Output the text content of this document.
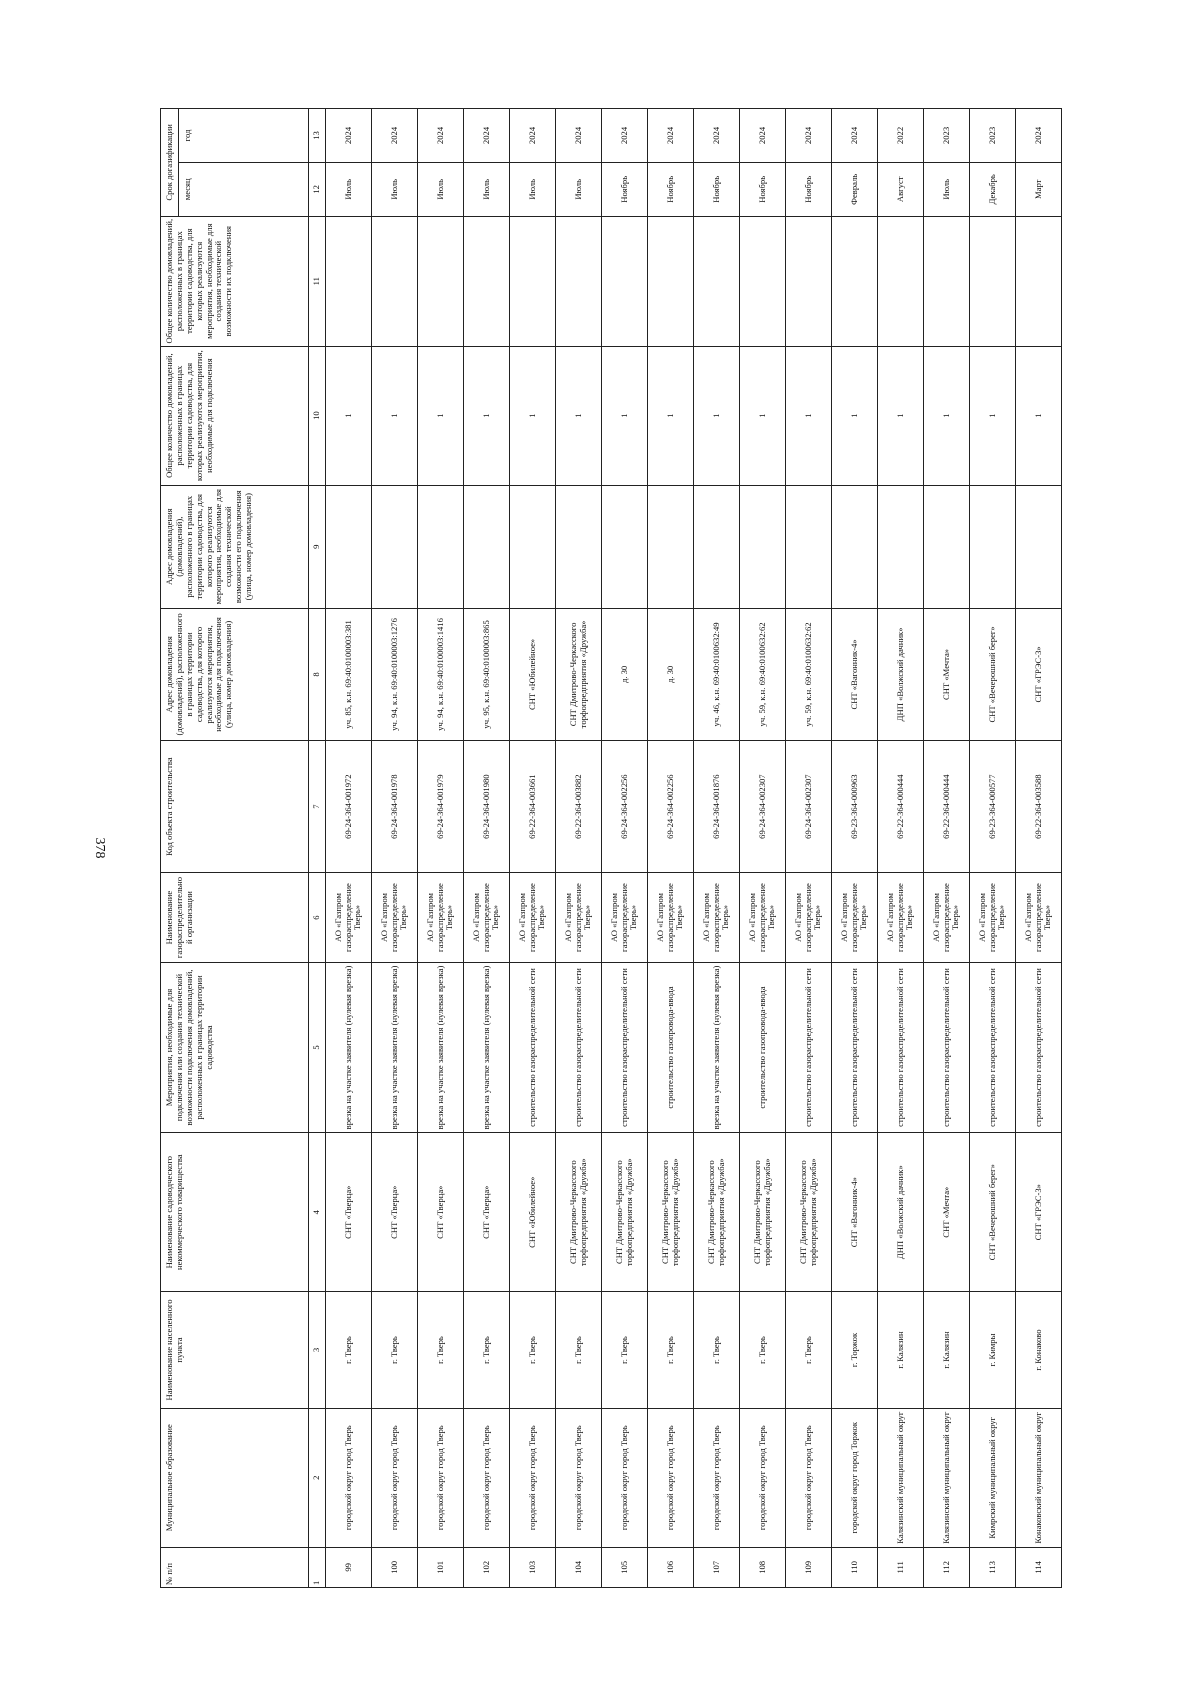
378
№ п/п	Муниципальное образование	Наименование населенного пункта	Наименование садоводческого некоммерческого товарищества	Мероприятия, необходимые для подключения или создания технической возможности подключения домовладений, расположенных в границах территории садоводства	Наименование газораспределительной организации	Код объекта строительства	Адрес домовладения (домовладений), расположенного в границах территории садоводства, для которого реализуются мероприятия, необходимые для подключения (улица, номер домовладения)	Адрес домовладения (домовладений), расположенного в границах территории садоводства, для которого реализуются мероприятия, необходимые для создания технической возможности его подключения (улица, номер домовладения)	Общее количество домовладений, расположенных в границах территории садоводства, для которых реализуются мероприятия, необходимые для подключения	Общее количество домовладений, расположенных в границах территории садоводства, для которых реализуются мероприятия, необходимые для создания технической возможности их подключения	Срок догазификации	
											месяц	год
1	2	3	4	5	6	7	8	9	10	11	12	13
99	городской округ город Тверь	г. Тверь	СНТ «Тверца»	врезка на участке заявителя (нулевая врезка)	АО «Газпром газораспределение Тверь»	69-24-364-001972	уч. 85, к.н. 69:40:0100003:381		1		Июль	2024
100	городской округ город Тверь	г. Тверь	СНТ «Тверца»	врезка на участке заявителя (нулевая врезка)	АО «Газпром газораспределение Тверь»	69-24-364-001978	уч. 94, к.н. 69:40:0100003:1276		1		Июль	2024
101	городской округ город Тверь	г. Тверь	СНТ «Тверца»	врезка на участке заявителя (нулевая врезка)	АО «Газпром газораспределение Тверь»	69-24-364-001979	уч. 94, к.н. 69:40:0100003:1416		1		Июль	2024
102	городской округ город Тверь	г. Тверь	СНТ «Тверца»	врезка на участке заявителя (нулевая врезка)	АО «Газпром газораспределение Тверь»	69-24-364-001980	уч. 95, к.н. 69:40:0100003:865		1		Июль	2024
103	городской округ город Тверь	г. Тверь	СНТ «Юбилейное»	строительство газораспределительной сети	АО «Газпром газораспределение Тверь»	69-22-364-003661	СНТ «Юбилейное»		1		Июль	2024
104	городской округ город Тверь	г. Тверь	СНТ Дмитрово-Черкасского торфопредприятия «Дружба»	строительство газораспределительной сети	АО «Газпром газораспределение Тверь»	69-22-364-003882	СНТ Дмитрово-Черкасского торфопредприятия «Дружба»		1		Июль	2024
105	городской округ город Тверь	г. Тверь	СНТ Дмитрово-Черкасского торфопредприятия «Дружба»	строительство газораспределительной сети	АО «Газпром газораспределение Тверь»	69-24-364-002256	д. 30		1		Ноябрь	2024
106	городской округ город Тверь	г. Тверь	СНТ Дмитрово-Черкасского торфопредприятия «Дружба»	строительство газопровода-ввода	АО «Газпром газораспределение Тверь»	69-24-364-002256	д. 30		1		Ноябрь	2024
107	городской округ город Тверь	г. Тверь	СНТ Дмитрово-Черкасского торфопредприятия «Дружба»	врезка на участке заявителя (нулевая врезка)	АО «Газпром газораспределение Тверь»	69-24-364-001876	уч. 46, к.н. 69:40:0100632:49		1		Ноябрь	2024
108	городской округ город Тверь	г. Тверь	СНТ Дмитрово-Черкасского торфопредприятия «Дружба»	строительство газопровода-ввода	АО «Газпром газораспределение Тверь»	69-24-364-002307	уч. 59, к.н. 69:40:0100632:62		1		Ноябрь	2024
109	городской округ город Тверь	г. Тверь	СНТ Дмитрово-Черкасского торфопредприятия «Дружба»	строительство газораспределительной сети	АО «Газпром газораспределение Тверь»	69-24-364-002307	уч. 59, к.н. 69:40:0100632:62		1		Ноябрь	2024
110	городской округ город Торжок	г. Торжок	СНТ «Вагонник-4»	строительство газораспределительной сети	АО «Газпром газораспределение Тверь»	69-23-364-000963	СНТ «Вагонник-4»		1		Февраль	2024
111	Калязинский муниципальный округ	г. Калязин	ДНП «Волжский дачник»	строительство газораспределительной сети	АО «Газпром газораспределение Тверь»	69-22-364-000444	ДНП «Волжский дачник»		1		Август	2022
112	Калязинский муниципальный округ	г. Калязин	СНТ «Мечта»	строительство газораспределительной сети	АО «Газпром газораспределение Тверь»	69-22-364-000444	СНТ «Мечта»		1		Июль	2023
113	Кимрский муниципальный округ	г. Кимры	СНТ «Вечерошний берег»	строительство газораспределительной сети	АО «Газпром газораспределение Тверь»	69-23-364-000577	СНТ «Вечерошний берег»		1		Декабрь	2023
114	Конаковский муниципальный округ	г. Конаково	СНТ «ГРЭС-3»	строительство газораспределительной сети	АО «Газпром газораспределение Тверь»	69-22-364-003588	СНТ «ГРЭС-3»		1		Март	2024
